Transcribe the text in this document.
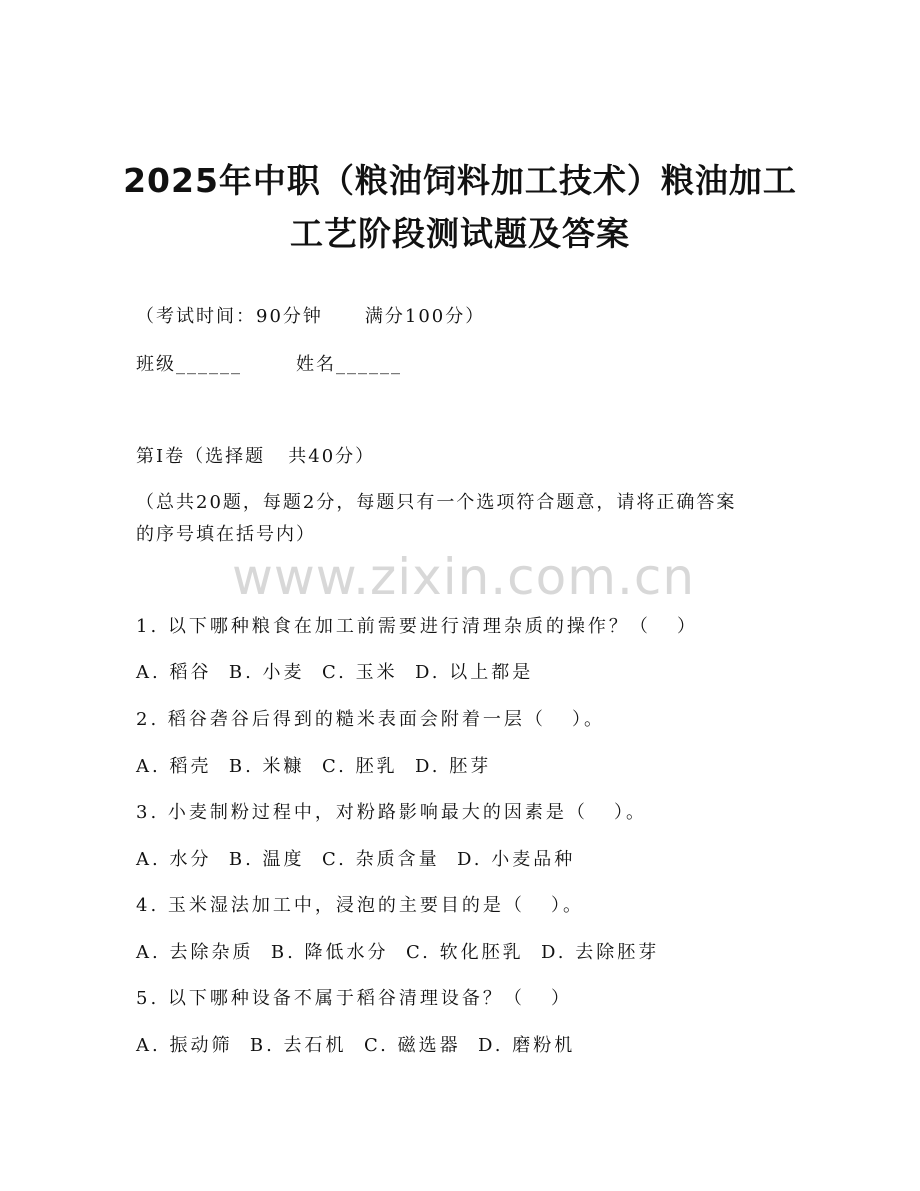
2025年中职（粮油饲料加工技术）粮油加工
工艺阶段测试题及答案

（考试时间：90分钟 满分100分）

班级______	姓名______

第I卷（选择题   共40分）

（总共20题，每题2分，每题只有一个选项符合题意，请将正确答案

的序号填在括号内）

www.zixin.com.cn

1. 以下哪种粮食在加工前需要进行清理杂质的操作？（   ）

A. 稻谷  B. 小麦  C. 玉米  D. 以上都是

2. 稻谷砻谷后得到的糙米表面会附着一层（   ）。

A. 稻壳  B. 米糠  C. 胚乳  D. 胚芽

3. 小麦制粉过程中，对粉路影响最大的因素是（   ）。

A. 水分  B. 温度  C. 杂质含量  D. 小麦品种

4. 玉米湿法加工中，浸泡的主要目的是（   ）。

A. 去除杂质  B. 降低水分  C. 软化胚乳  D. 去除胚芽

5. 以下哪种设备不属于稻谷清理设备？（   ）

A. 振动筛  B. 去石机  C. 磁选器  D. 磨粉机
